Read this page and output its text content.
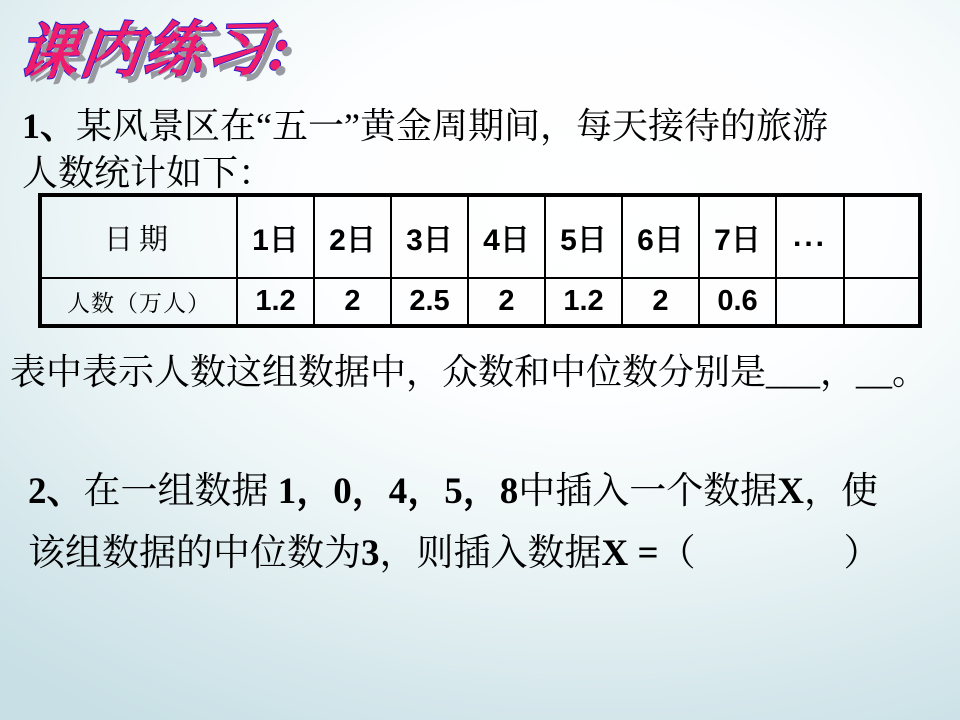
课内练习:
1、某风景区在“五一”黄金周期间，每天接待的旅游
人数统计如下：
日期	1日	2日	3日	4日	5日	6日	7日	...	
人数（万人）	1.2	2	2.5	2	1.2	2	0.6		
表中表示人数这组数据中，众数和中位数分别是___，__。
2、在一组数据 1，0，4，5，8中插入一个数据X，使
该组数据的中位数为3，则插入数据X =（　　　　）
